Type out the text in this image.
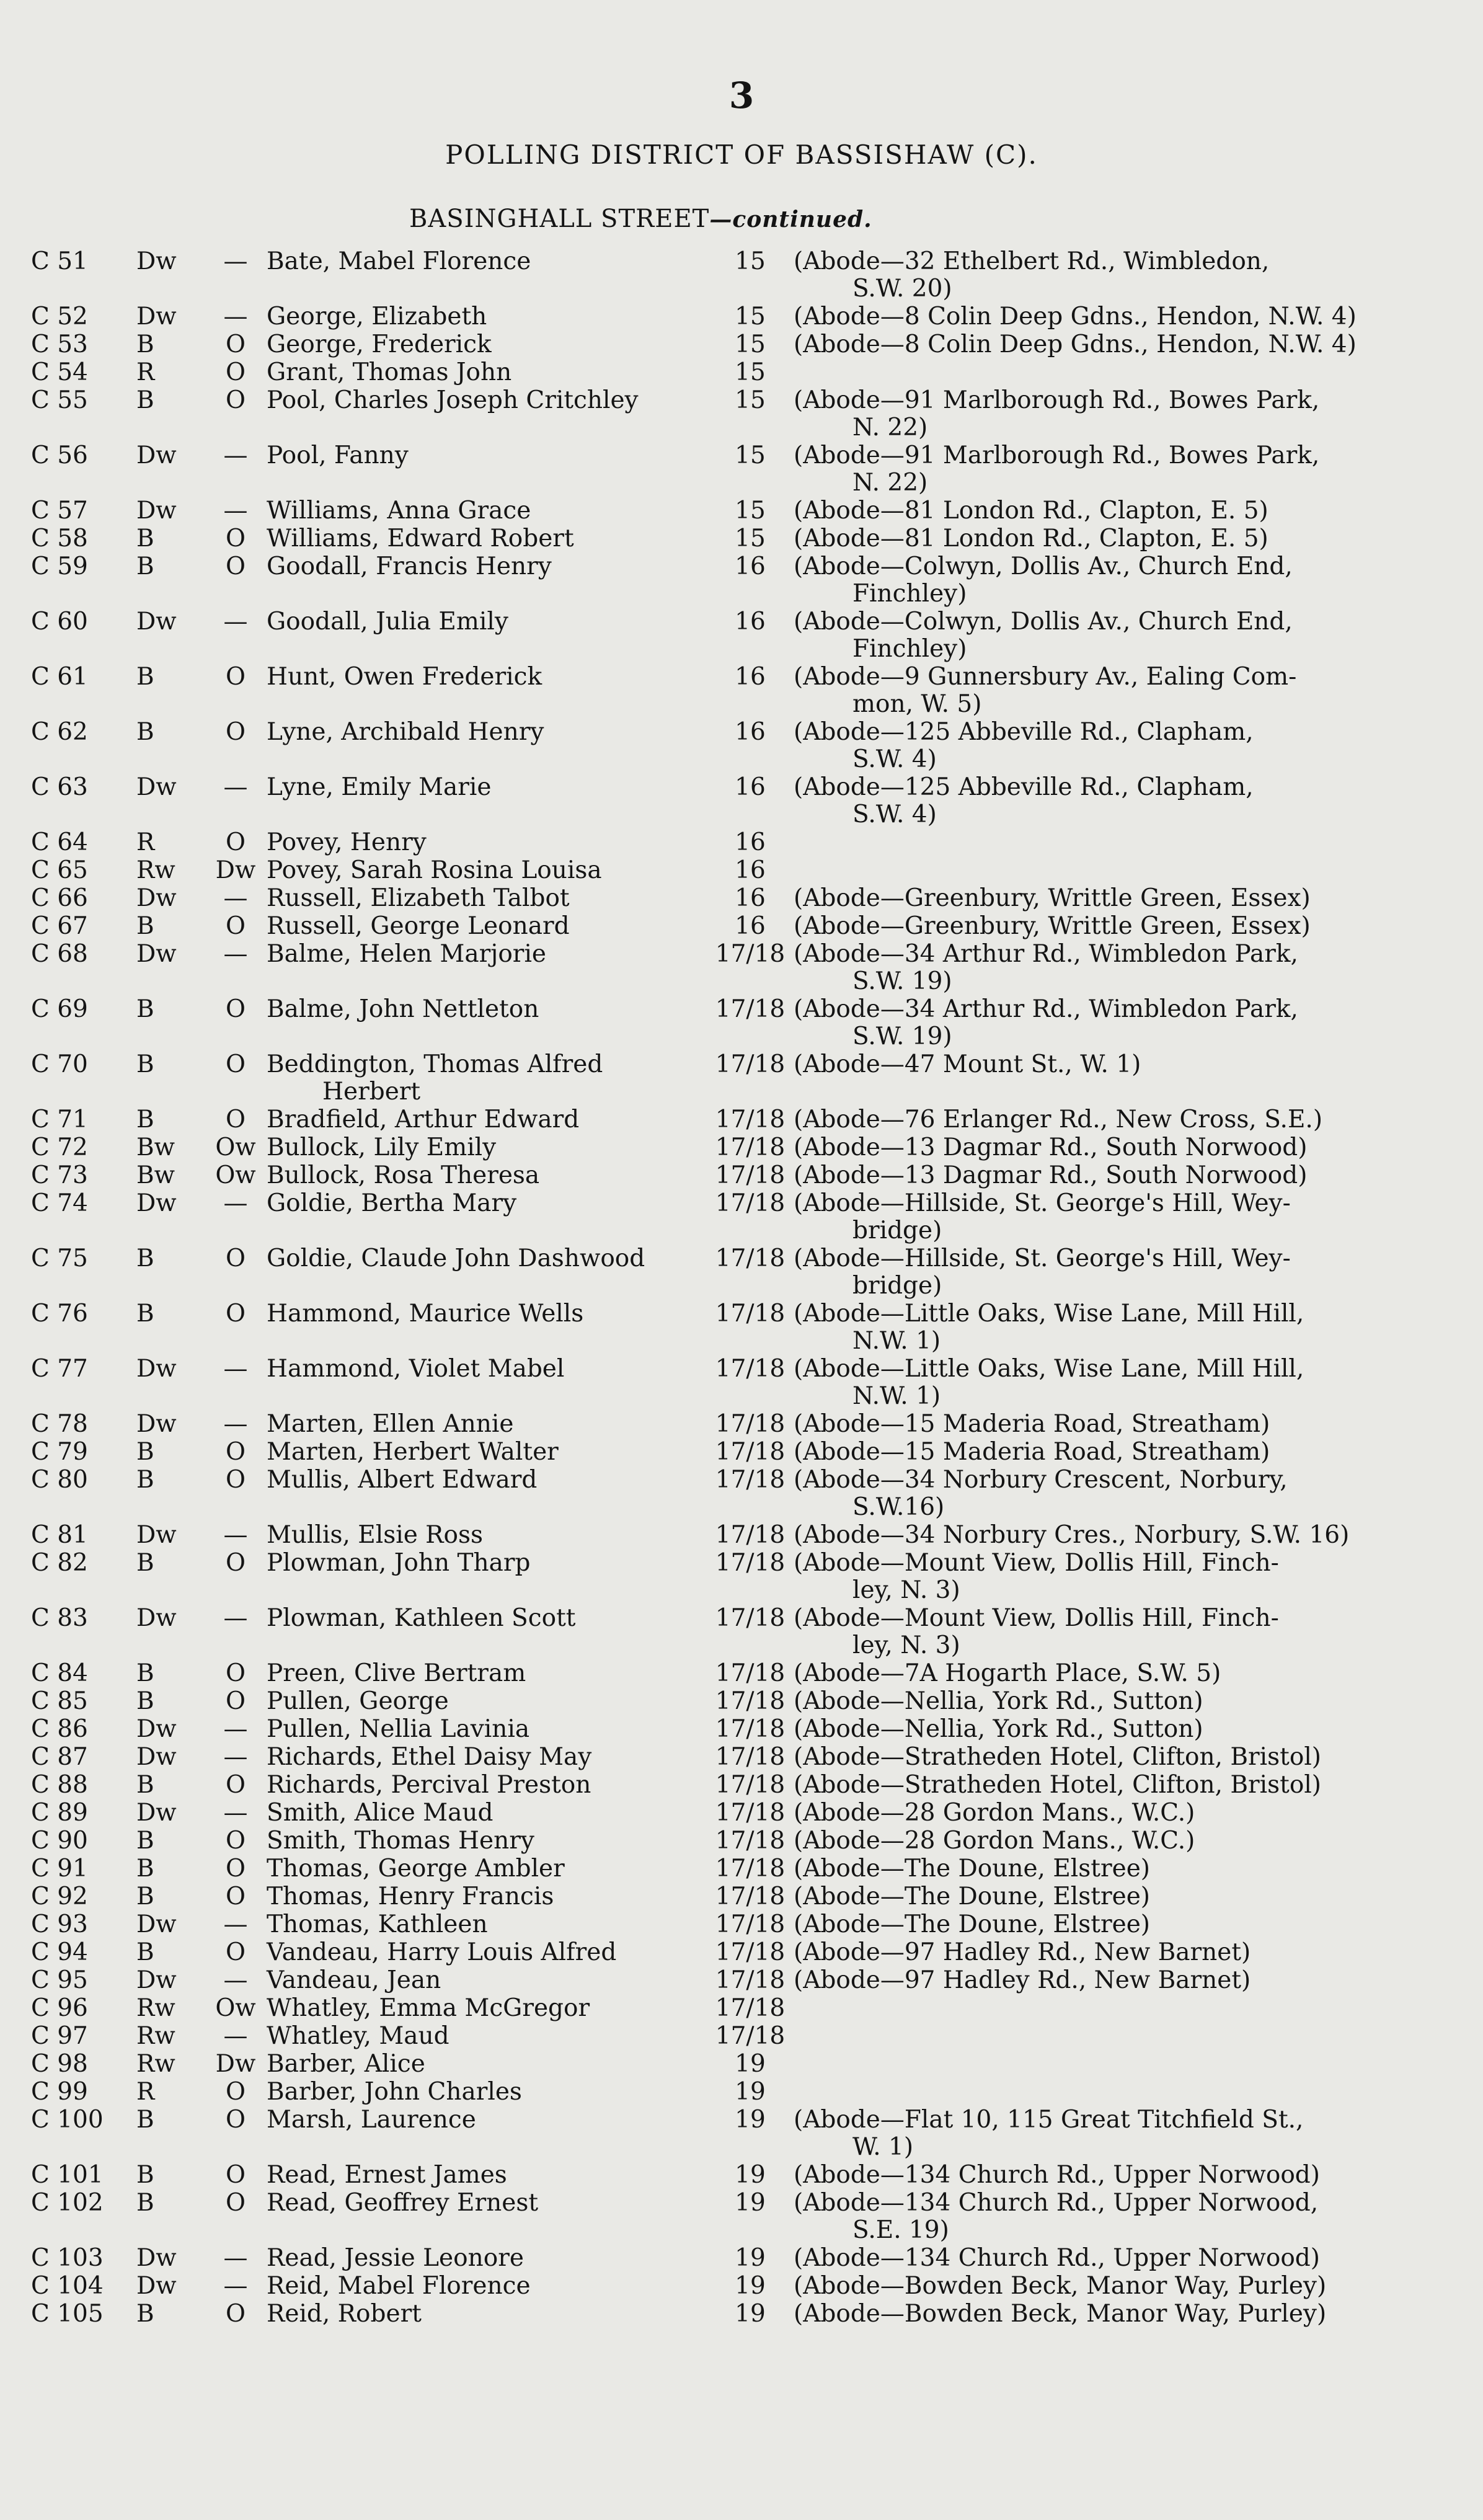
3
POLLING DISTRICT OF BASSISHAW (C).
BASINGHALL STREET—continued.
C 51	Dw	— Bate, Mabel Florence	15	(Abode—32 Ethelbert Rd., Wimbledon,
S.W. 20)
C 52	Dw	— George, Elizabeth	15	(Abode—8 Colin Deep Gdns., Hendon, N.W. 4)
C 53	B	O George, Frederick	15	(Abode—8 Colin Deep Gdns., Hendon, N.W. 4)
C 54	R	O Grant, Thomas John	15
C 55	B	O Pool, Charles Joseph Critchley	15	(Abode—91 Marlborough Rd., Bowes Park,
N. 22)
C 56	Dw	— Pool, Fanny	15	(Abode—91 Marlborough Rd., Bowes Park,
N. 22)
C 57	Dw	— Williams, Anna Grace	15	(Abode—81 London Rd., Clapton, E. 5)
C 58	B	O Williams, Edward Robert	15	(Abode—81 London Rd., Clapton, E. 5)
C 59	B	O Goodall, Francis Henry	16	(Abode—Colwyn, Dollis Av., Church End,
Finchley)
C 60	Dw	— Goodall, Julia Emily	16	(Abode—Colwyn, Dollis Av., Church End,
Finchley)
C 61	B	O Hunt, Owen Frederick	16	(Abode—9 Gunnersbury Av., Ealing Com-
mon, W. 5)
C 62	B	O Lyne, Archibald Henry	16	(Abode—125 Abbeville Rd., Clapham,
S.W. 4)
C 63	Dw	— Lyne, Emily Marie	16	(Abode—125 Abbeville Rd., Clapham,
S.W. 4)
C 64	R	O Povey, Henry	16
C 65	Rw	Dw Povey, Sarah Rosina Louisa	16
C 66	Dw	— Russell, Elizabeth Talbot	16	(Abode—Greenbury, Writtle Green, Essex)
C 67	B	O Russell, George Leonard	16	(Abode—Greenbury, Writtle Green, Essex)
C 68	Dw	— Balme, Helen Marjorie	17/18 (Abode—34 Arthur Rd., Wimbledon Park,
S.W. 19)
C 69	B	O Balme, John Nettleton	17/18 (Abode—34 Arthur Rd., Wimbledon Park,
S.W. 19)
C 70	B	O Beddington, Thomas Alfred
Herbert
17/18 (Abode—47 Mount St., W. 1)
C 71	B	O Bradfield, Arthur Edward	17/18 (Abode—76 Erlanger Rd., New Cross, S.E.)
C 72	Bw	Ow Bullock, Lily Emily	17/18 (Abode—13 Dagmar Rd., South Norwood)
C 73	Bw	Ow Bullock, Rosa Theresa	17/18 (Abode—13 Dagmar Rd., South Norwood)
C 74	Dw	— Goldie, Bertha Mary	17/18 (Abode—Hillside, St. George's Hill, Wey-
bridge)
C 75	B	O Goldie, Claude John Dashwood	17/18 (Abode—Hillside, St. George's Hill, Wey-
bridge)
C 76	B	O Hammond, Maurice Wells	17/18 (Abode—Little Oaks, Wise Lane, Mill Hill,
N.W. 1)
C 77	Dw	— Hammond, Violet Mabel	17/18 (Abode—Little Oaks, Wise Lane, Mill Hill,
N.W. 1)
C 78	Dw	— Marten, Ellen Annie	17/18 (Abode—15 Maderia Road, Streatham)
C 79	B	O Marten, Herbert Walter	17/18 (Abode—15 Maderia Road, Streatham)
C 80	B	O Mullis, Albert Edward	17/18 (Abode—34 Norbury Crescent, Norbury,
S.W.16)
C 81	Dw	— Mullis, Elsie Ross	17/18 (Abode—34 Norbury Cres., Norbury, S.W. 16)
C 82	B	O Plowman, John Tharp	17/18 (Abode—Mount View, Dollis Hill, Finch-
ley, N. 3)
C 83	Dw	— Plowman, Kathleen Scott	17/18 (Abode—Mount View, Dollis Hill, Finch-
ley, N. 3)
C 84	B	O Preen, Clive Bertram	17/18 (Abode—7A Hogarth Place, S.W. 5)
C 85	B	O Pullen, George	17/18 (Abode—Nellia, York Rd., Sutton)
C 86	Dw	— Pullen, Nellia Lavinia	17/18 (Abode—Nellia, York Rd., Sutton)
C 87	Dw	— Richards, Ethel Daisy May	17/18 (Abode—Stratheden Hotel, Clifton, Bristol)
C 88	B	O Richards, Percival Preston	17/18 (Abode—Stratheden Hotel, Clifton, Bristol)
C 89	Dw	— Smith, Alice Maud	17/18 (Abode—28 Gordon Mans., W.C.)
C 90	B	O Smith, Thomas Henry	17/18 (Abode—28 Gordon Mans., W.C.)
C 91	B	O Thomas, George Ambler	17/18 (Abode—The Doune, Elstree)
C 92	B	O Thomas, Henry Francis	17/18 (Abode—The Doune, Elstree)
C 93	Dw	— Thomas, Kathleen	17/18 (Abode—The Doune, Elstree)
C 94	B	O Vandeau, Harry Louis Alfred	17/18 (Abode—97 Hadley Rd., New Barnet)
C 95	Dw	— Vandeau, Jean	17/18 (Abode—97 Hadley Rd., New Barnet)
C 96	Rw	Ow Whatley, Emma McGregor	17/18
C 97	Rw	— Whatley, Maud	17/18
C 98	Rw	Dw Barber, Alice	19
C 99	R	O Barber, John Charles	19
C 100	B	O Marsh, Laurence	19	(Abode—Flat 10, 115 Great Titchfield St.,
W. 1)
C 101	B	O Read, Ernest James	19	(Abode—134 Church Rd., Upper Norwood)
C 102	B	O Read, Geoffrey Ernest	19	(Abode—134 Church Rd., Upper Norwood,
S.E. 19)
C 103	Dw	— Read, Jessie Leonore	19	(Abode—134 Church Rd., Upper Norwood)
C 104	Dw	— Reid, Mabel Florence	19	(Abode—Bowden Beck, Manor Way, Purley)
C 105	B	O Reid, Robert	19	(Abode—Bowden Beck, Manor Way, Purley)
